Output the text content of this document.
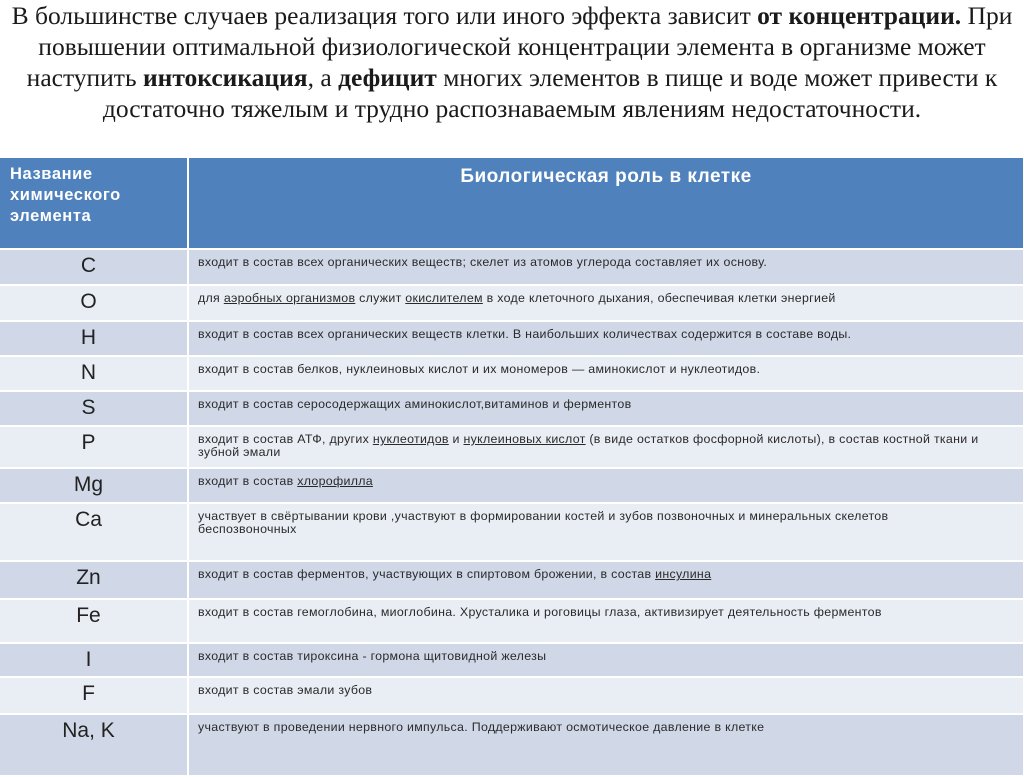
В большинстве случаев реализация того или иного эффекта зависит от концентрации. При повышении оптимальной физиологической концентрации элемента в организме может наступить интоксикация, а дефицит многих элементов в пище и воде может привести к достаточно тяжелым и трудно распознаваемым явлениям недостаточности.
Название химического элемента	Биологическая роль в клетке
C	входит в состав всех органических веществ; скелет из атомов углерода составляет их основу.
O	для аэробных организмов служит окислителем в ходе клеточного дыхания, обеспечивая клетки энергией
H	входит в состав всех органических веществ клетки. В наибольших количествах содержится в составе воды.
N	входит в состав белков, нуклеиновых кислот и их мономеров — аминокислот и нуклеотидов.
S	входит в состав серосодержащих аминокислот,витаминов и ферментов
P	входит в состав АТФ, других нуклеотидов и нуклеиновых кислот (в виде остатков фосфорной кислоты), в состав костной ткани и зубной эмали
Mg	входит в состав хлорофилла
Ca	участвует в свёртывании крови ,участвуют в формировании костей и зубов позвоночных и минеральных скелетов беспозвоночных
Zn	входит в состав ферментов, участвующих в спиртовом брожении, в состав инсулина
Fe	входит в состав гемоглобина, миоглобина. Хрусталика и роговицы глаза, активизирует деятельность ферментов
I	входит в состав тироксина - гормона щитовидной железы
F	входит в состав эмали зубов
Na, K	участвуют в проведении нервного импульса. Поддерживают осмотическое давление в клетке
